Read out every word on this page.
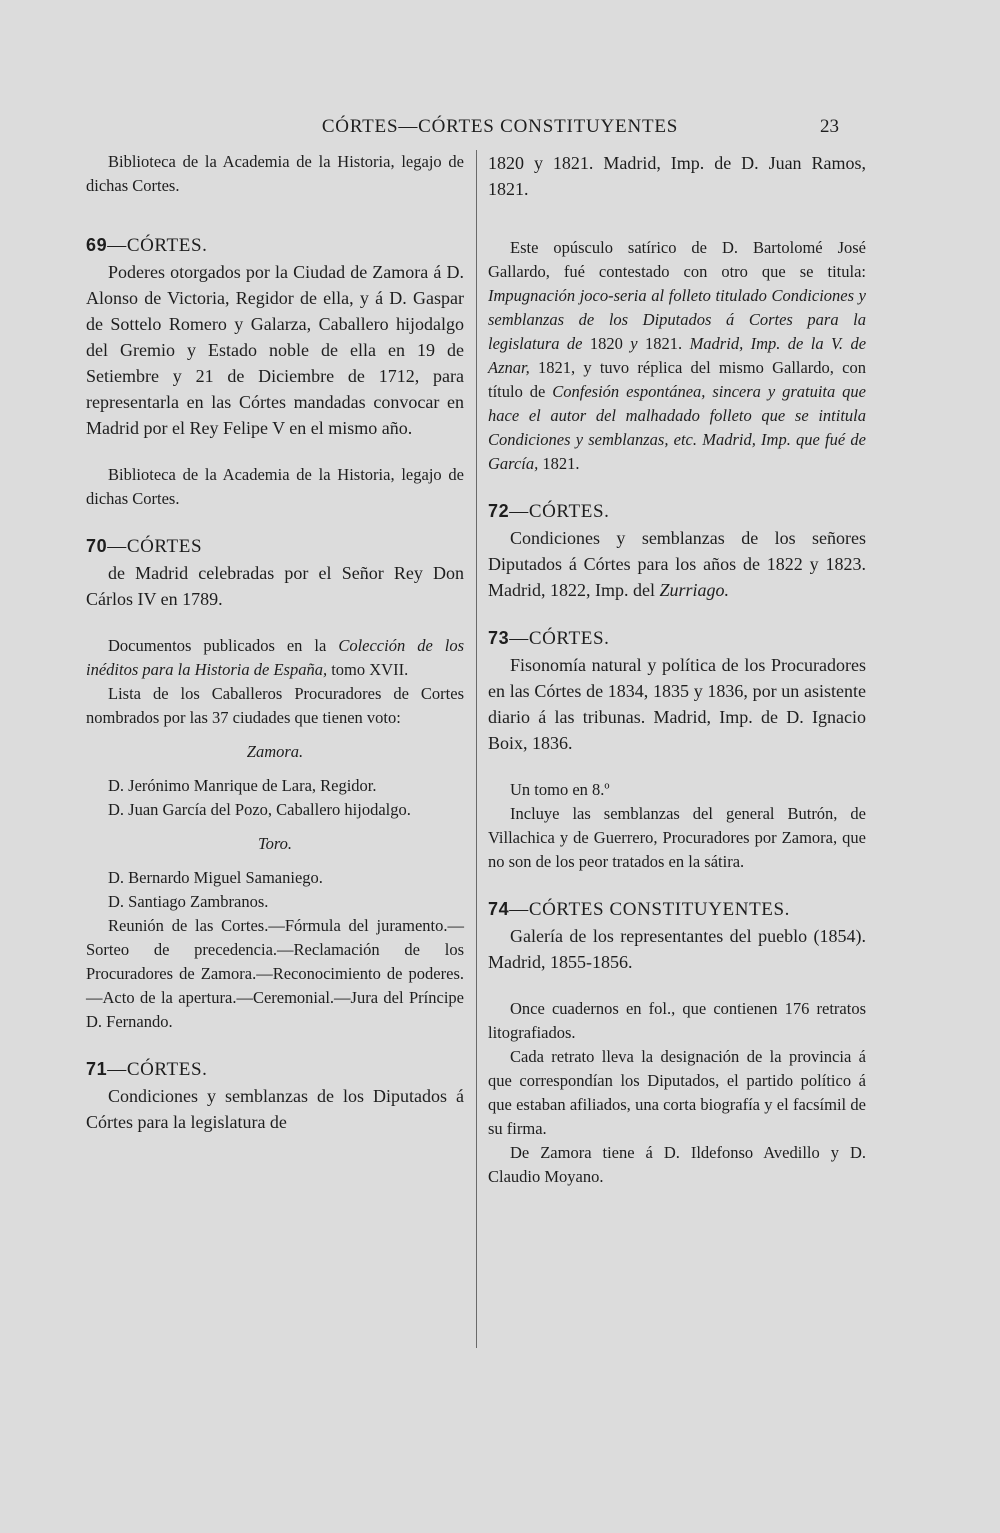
CÓRTES—CÓRTES CONSTITUYENTES	23

Biblioteca de la Academia de la Historia, legajo de dichas Cortes.

69—CÓRTES.

Poderes otorgados por la Ciudad de Zamora á D. Alonso de Victoria, Regidor de ella, y á D. Gaspar de Sottelo Romero y Galarza, Caballero hijodalgo del Gremio y Estado noble de ella en 19 de Setiembre y 21 de Diciembre de 1712, para representarla en las Córtes mandadas convocar en Madrid por el Rey Felipe V en el mismo año.

Biblioteca de la Academia de la Historia, legajo de dichas Cortes.

70—CÓRTES

de Madrid celebradas por el Señor Rey Don Cárlos IV en 1789.

Documentos publicados en la Colección de los inéditos para la Historia de España, tomo XVII.

Lista de los Caballeros Procuradores de Cortes nombrados por las 37 ciudades que tienen voto:

Zamora.

D. Jerónimo Manrique de Lara, Regidor.

D. Juan García del Pozo, Caballero hijodalgo.

Toro.

D. Bernardo Miguel Samaniego.

D. Santiago Zambranos.

Reunión de las Cortes.—Fórmula del juramento.—Sorteo de precedencia.—Reclamación de los Procuradores de Zamora.—Reconocimiento de poderes.—Acto de la apertura.—Ceremonial.—Jura del Príncipe D. Fernando.

71—CÓRTES.

Condiciones y semblanzas de los Diputados á Córtes para la legislatura de

1820 y 1821. Madrid, Imp. de D. Juan Ramos, 1821.

Este opúsculo satírico de D. Bartolomé José Gallardo, fué contestado con otro que se titula: Impugnación joco-seria al folleto titulado Condiciones y semblanzas de los Diputados á Cortes para la legislatura de 1820 y 1821. Madrid, Imp. de la V. de Aznar, 1821, y tuvo réplica del mismo Gallardo, con título de Confesión espontánea, sincera y gratuita que hace el autor del malhadado folleto que se intitula Condiciones y semblanzas, etc. Madrid, Imp. que fué de García, 1821.

72—CÓRTES.

Condiciones y semblanzas de los señores Diputados á Córtes para los años de 1822 y 1823. Madrid, 1822, Imp. del Zurriago.

73—CÓRTES.

Fisonomía natural y política de los Procuradores en las Córtes de 1834, 1835 y 1836, por un asistente diario á las tribunas. Madrid, Imp. de D. Ignacio Boix, 1836.

Un tomo en 8.º

Incluye las semblanzas del general Butrón, de Villachica y de Guerrero, Procuradores por Zamora, que no son de los peor tratados en la sátira.

74—CÓRTES CONSTITUYENTES.

Galería de los representantes del pueblo (1854). Madrid, 1855-1856.

Once cuadernos en fol., que contienen 176 retratos litografiados.

Cada retrato lleva la designación de la provincia á que correspondían los Diputados, el partido político á que estaban afiliados, una corta biografía y el facsímil de su firma.

De Zamora tiene á D. Ildefonso Avedillo y D. Claudio Moyano.
